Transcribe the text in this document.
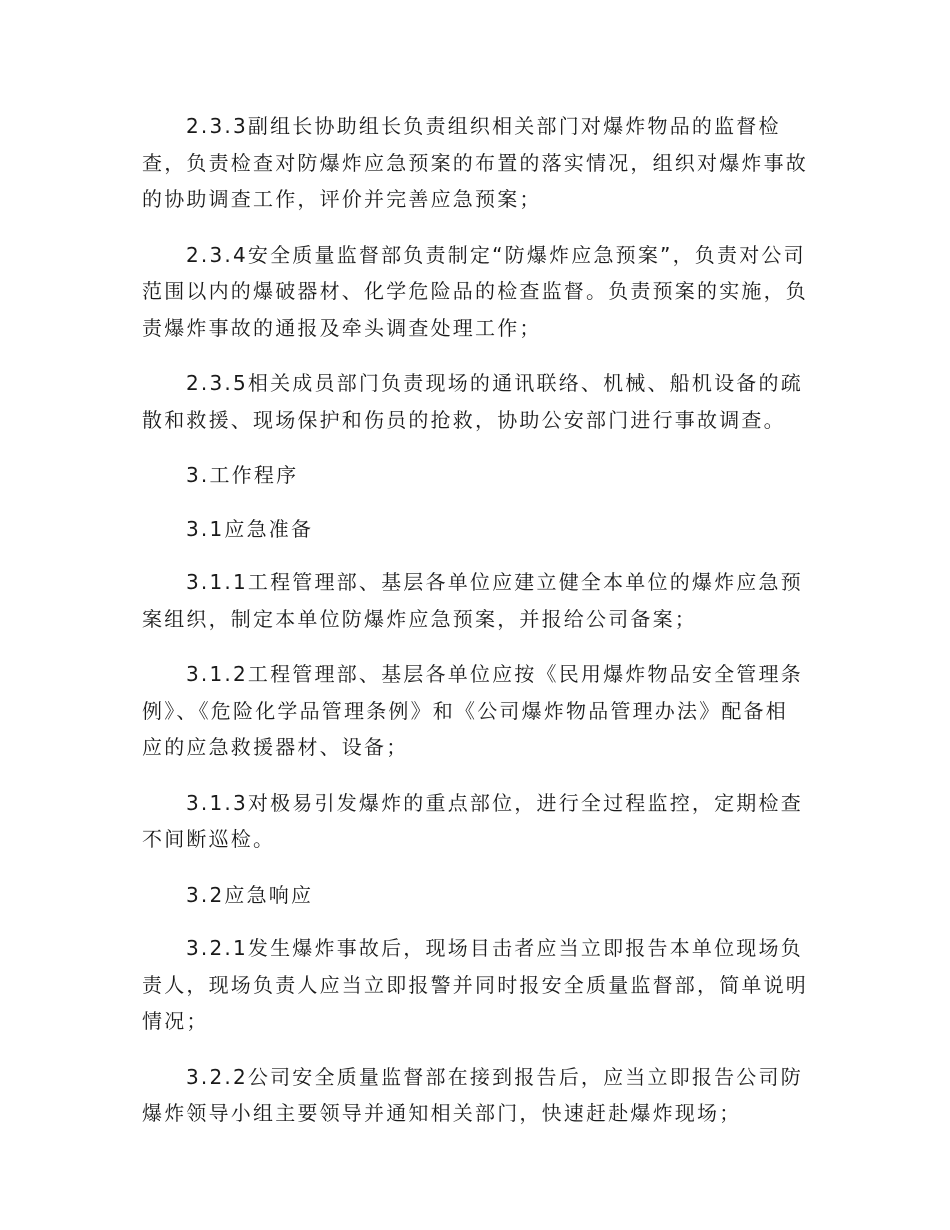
2.3.3副组长协助组长负责组织相关部门对爆炸物品的监督检查，负责检查对防爆炸应急预案的布置的落实情况，组织对爆炸事故的协助调查工作，评价并完善应急预案；

2.3.4安全质量监督部负责制定“防爆炸应急预案”，负责对公司范围以内的爆破器材、化学危险品的检查监督。负责预案的实施，负责爆炸事故的通报及牵头调查处理工作；

2.3.5相关成员部门负责现场的通讯联络、机械、船机设备的疏散和救援、现场保护和伤员的抢救，协助公安部门进行事故调查。

3.工作程序

3.1应急准备

3.1.1工程管理部、基层各单位应建立健全本单位的爆炸应急预案组织，制定本单位防爆炸应急预案，并报给公司备案；

3.1.2工程管理部、基层各单位应按《民用爆炸物品安全管理条例》、《危险化学品管理条例》和《公司爆炸物品管理办法》配备相应的应急救援器材、设备；

3.1.3对极易引发爆炸的重点部位，进行全过程监控，定期检查不间断巡检。

3.2应急响应

3.2.1发生爆炸事故后，现场目击者应当立即报告本单位现场负责人，现场负责人应当立即报警并同时报安全质量监督部，简单说明情况；

3.2.2公司安全质量监督部在接到报告后，应当立即报告公司防爆炸领导小组主要领导并通知相关部门，快速赶赴爆炸现场；
